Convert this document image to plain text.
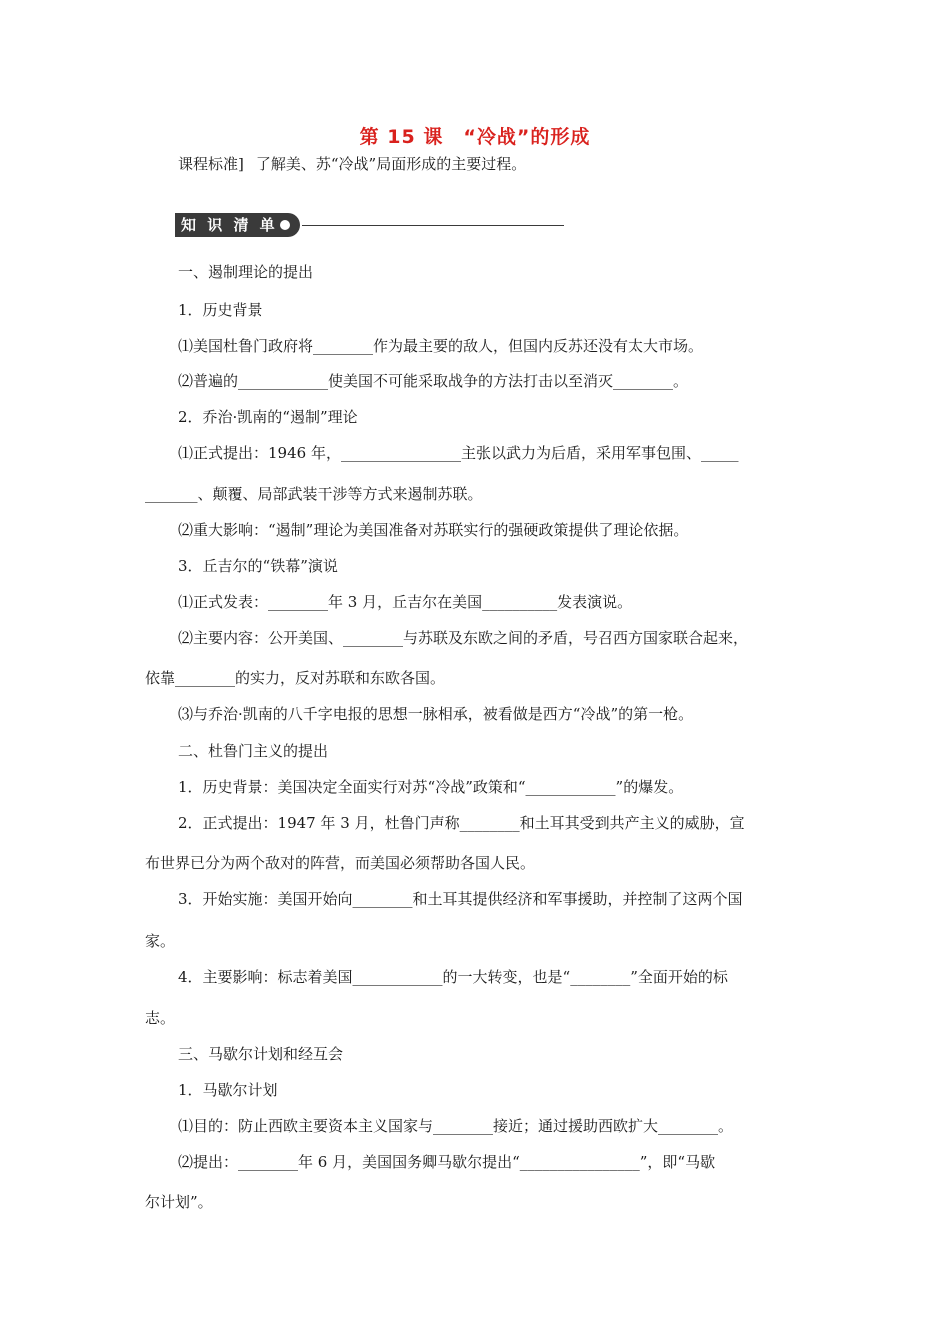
第 15 课　“冷战”的形成
课程标准] 了解美、苏“冷战”局面形成的主要过程。
知 识 清 单
一、遏制理论的提出
1．历史背景
⑴美国杜鲁门政府将________作为最主要的敌人，但国内反苏还没有太大市场。
⑵普遍的____________使美国不可能采取战争的方法打击以至消灭________。
2．乔治·凯南的“遏制”理论
⑴正式提出：1946 年，________________主张以武力为后盾，采用军事包围、_____
_______、颠覆、局部武装干涉等方式来遏制苏联。
⑵重大影响：“遏制”理论为美国准备对苏联实行的强硬政策提供了理论依据。
3．丘吉尔的“铁幕”演说
⑴正式发表：________年 3 月，丘吉尔在美国__________发表演说。
⑵主要内容：公开美国、________与苏联及东欧之间的矛盾，号召西方国家联合起来，
依靠________的实力，反对苏联和东欧各国。
⑶与乔治·凯南的八千字电报的思想一脉相承，被看做是西方“冷战”的第一枪。
二、杜鲁门主义的提出
1．历史背景：美国决定全面实行对苏“冷战”政策和“____________”的爆发。
2．正式提出：1947 年 3 月，杜鲁门声称________和土耳其受到共产主义的威胁，宣
布世界已分为两个敌对的阵营，而美国必须帮助各国人民。
3．开始实施：美国开始向________和土耳其提供经济和军事援助，并控制了这两个国
家。
4．主要影响：标志着美国____________的一大转变，也是“________”全面开始的标
志。
三、马歇尔计划和经互会
1．马歇尔计划
⑴目的：防止西欧主要资本主义国家与________接近；通过援助西欧扩大________。
⑵提出：________年 6 月，美国国务卿马歇尔提出“________________”，即“马歇
尔计划”。
